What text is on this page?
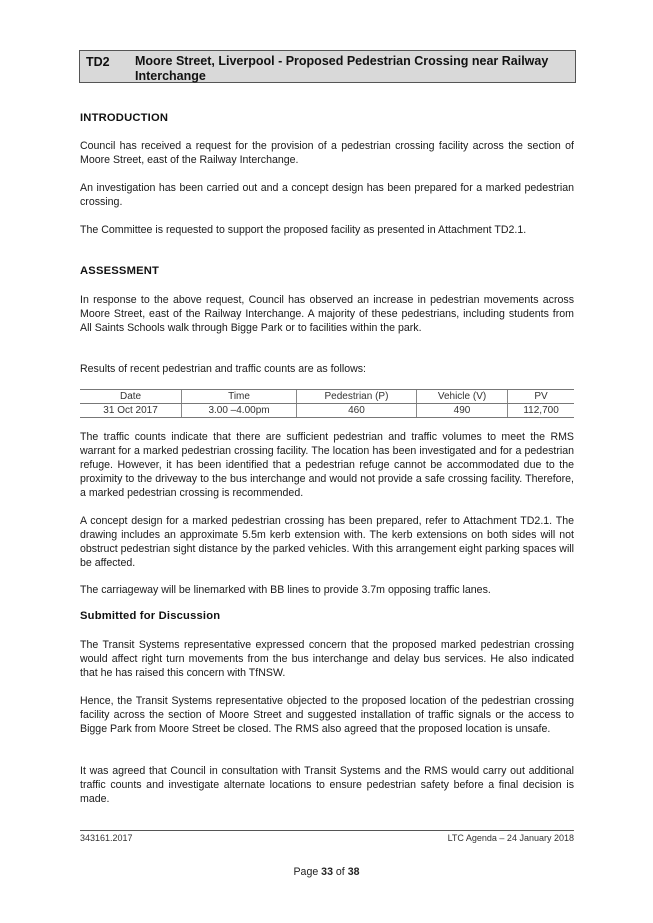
TD2 Moore Street, Liverpool - Proposed Pedestrian Crossing near Railway Interchange
INTRODUCTION
Council has received a request for the provision of a pedestrian crossing facility across the section of Moore Street, east of the Railway Interchange.
An investigation has been carried out and a concept design has been prepared for a marked pedestrian crossing.
The Committee is requested to support the proposed facility as presented in Attachment TD2.1.
ASSESSMENT
In response to the above request, Council has observed an increase in pedestrian movements across Moore Street, east of the Railway Interchange. A majority of these pedestrians, including students from All Saints Schools walk through Bigge Park or to facilities within the park.
Results of recent pedestrian and traffic counts are as follows:
Date	Time	Pedestrian (P)	Vehicle (V)	PV
31 Oct 2017	3.00 –4.00pm	460	490	112,700
The traffic counts indicate that there are sufficient pedestrian and traffic volumes to meet the RMS warrant for a marked pedestrian crossing facility. The location has been investigated and for a pedestrian refuge. However, it has been identified that a pedestrian refuge cannot be accommodated due to the proximity to the driveway to the bus interchange and would not provide a safe crossing facility. Therefore, a marked pedestrian crossing is recommended.
A concept design for a marked pedestrian crossing has been prepared, refer to Attachment TD2.1. The drawing includes an approximate 5.5m kerb extension with. The kerb extensions on both sides will not obstruct pedestrian sight distance by the parked vehicles. With this arrangement eight parking spaces will be affected.
The carriageway will be linemarked with BB lines to provide 3.7m opposing traffic lanes.
Submitted for Discussion
The Transit Systems representative expressed concern that the proposed marked pedestrian crossing would affect right turn movements from the bus interchange and delay bus services. He also indicated that he has raised this concern with TfNSW.
Hence, the Transit Systems representative objected to the proposed location of the pedestrian crossing facility across the section of Moore Street and suggested installation of traffic signals or the access to Bigge Park from Moore Street be closed. The RMS also agreed that the proposed location is unsafe.
It was agreed that Council in consultation with Transit Systems and the RMS would carry out additional traffic counts and investigate alternate locations to ensure pedestrian safety before a final decision is made.
343161.2017	LTC Agenda – 24 January 2018
Page 33 of 38
